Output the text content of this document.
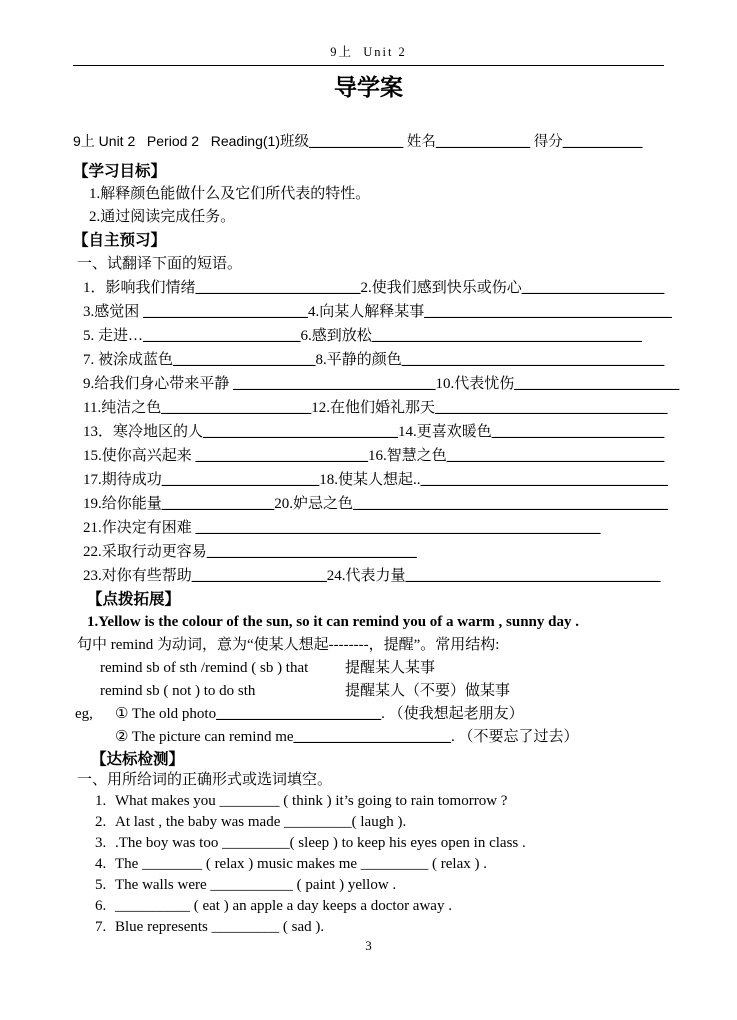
9上  Unit 2
导学案
9上 Unit 2   Period 2   Reading(1)班级_____________ 姓名_____________ 得分___________
【学习目标】
1.解释颜色能做什么及它们所代表的特性。
2.通过阅读完成任务。
【自主预习】
一、试翻译下面的短语。
1．影响我们情绪______________________2.使我们感到快乐或伤心___________________
3.感觉困 ______________________4.向某人解释某事_________________________________
5. 走进…_____________________6.感到放松____________________________________
7. 被涂成蓝色___________________8.平静的颜色___________________________________
9.给我们身心带来平静 ___________________________10.代表忧伤______________________
11.纯洁之色____________________12.在他们婚礼那天_______________________________
13．寒冷地区的人__________________________14.更喜欢暖色_______________________
15.使你高兴起来 _______________________16.智慧之色_____________________________
17.期待成功_____________________18.使某人想起.._________________________________
19.给你能量_______________20.妒忌之色__________________________________________
21.作决定有困难 ______________________________________________________
22.采取行动更容易____________________________
23.对你有些帮助__________________24.代表力量__________________________________
【点拨拓展】
1.Yellow is the colour of the sun, so it can remind you of a warm , sunny day .
句中 remind 为动词，意为“使某人想起--------，提醒”。常用结构:
remind sb of sth /remind ( sb ) that	提醒某人某事
remind sb ( not ) to do sth	提醒某人（不要）做某事
eg, ① The old photo______________________. （使我想起老朋友）
② The picture can remind me_____________________. （不要忘了过去）
【达标检测】
一、用所给词的正确形式或选词填空。
1. What makes you ________ ( think ) it’s going to rain tomorrow ?
2. At last , the baby was made _________( laugh ).
3. .The boy was too _________( sleep ) to keep his eyes open in class .
4. The ________ ( relax ) music makes me _________ ( relax ) .
5. The walls were ___________ ( paint ) yellow .
6. __________ ( eat ) an apple a day keeps a doctor away .
7. Blue represents _________ ( sad ).
3
